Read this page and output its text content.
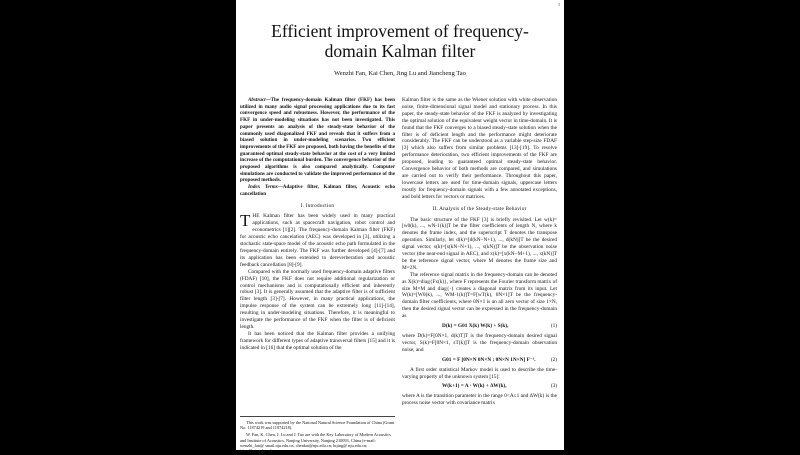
1
Efficient improvement of frequency-domain Kalman filter
Wenzhi Fan, Kai Chen, Jing Lu and Jiancheng Tao

Abstract—The frequency-domain Kalman filter (FKF) has been utilized in many audio signal processing applications due to its fast convergence speed and robustness. However, the performance of the FKF in under-modeling situations has not been investigated. This paper presents an analysis of the steady-state behavior of the commonly used diagonalized FKF and reveals that it suffers from a biased solution in under-modeling scenarios. Two efficient improvements of the FKF are proposed, both having the benefits of the guaranteed optimal steady-state behavior at the cost of a very limited increase of the computational burden. The convergence behavior of the proposed algorithms is also compared analytically. Computer simulations are conducted to validate the improved performance of the proposed methods.

Index Terms—Adaptive filter, Kalman filter, Acoustic echo cancellation

I. Introduction

THE Kalman filter has been widely used in many practical applications, such as spacecraft navigation, robot control and econometrics [1][2]. The frequency-domain Kalman filter (FKF) for acoustic echo cancelation (AEC) was developed in [3], utilizing a stochastic state-space model of the acoustic echo path formulated in the frequency-domain entirely. The FKF was further developed [4]-[7] and its application has been extended to dereverberation and acoustic feedback cancellation [8]-[9].

Compared with the normally used frequency-domain adaptive filters (FDAF) [10], the FKF does not require additional regularization or control mechanisms and is computationally efficient and inherently robust [3]. It is generally assumed that the adaptive filter is of sufficient filter length [3]-[7]. However, in many practical applications, the impulse response of the system can be extremely long [11]-[14], resulting in under-modeling situations. Therefore, it is meaningful to investigate the performance of the FKF when the filter is of deficient length.

It has been noticed that the Kalman filter provides a unifying framework for different types of adaptive transversal filters [15] and it is indicated in [16] that the optimal solution of the

This work was supported by the National Natural Science Foundation of China (Grant No. 11874219 and 11874218).

W. Fan, K. Chen, J. Lu and J. Tao are with the Key Laboratory of Modern Acoustics and Institute of Acoustics, Nanjing University, Nanjing 210093, China (e-mail: wenzhi_fan@ smail.nju.edu.cn; chenkai@nju.edu.cn; lujing@ nju.edu.cn; jctao@nju.edu.cn).

Kalman filter is the same as the Wiener solution with white observation noise, finite-dimensional signal model and stationary process. In this paper, the steady-state behavior of the FKF is analyzed by investigating the optimal solution of the equivalent weight vector in time-domain. It is found that the FKF converges to a biased steady-state solution when the filter is of deficient length and the performance might deteriorate considerably. The FKF can be understood as a variable step-size FDAF [3] which also suffers from similar problems [13]-[19]. To resolve performance deterioration, two efficient improvements of the FKF are proposed, leading to guaranteed optimal steady-state behavior. Convergence behavior of both methods are compared, and simulations are carried out to verify their performance. Throughout this paper, lowercase letters are used for time-domain signals, uppercase letters mostly for frequency-domain signals with a few annotated exceptions, and bold letters for vectors or matrices.

II. Analysis of the Steady-state Behavior

The basic structure of the FKF [3] is briefly revisited. Let w(k)=[w0(k), ..., wN-1(k)]T be the filter coefficients of length N, where k denotes the frame index, and the superscript T denotes the transpose operation. Similarly, let d(k)=[d(kN−N+1), ..., d(kN)]T be the desired signal vector, s(k)=[s(kN−N+1), ..., s(kN)]T be the observation noise vector (the near-end signal in AEC), and x(k)=[x(kN−M+1), ..., x(kN)]T be the reference signal vector, where M denotes the frame size and M=2N.

The reference signal matrix in the frequency-domain can be denoted as X(k)=diag{Fx(k)}, where F represents the Fourier transform matrix of size M×M and diag{·} creates a diagonal matrix from its input. Let W(k)=[W0(k), ..., WM-1(k)]T=F[wT(k), 0N×1]T be the frequency-domain filter coefficients, where 0N×1 is an all zero vector of size 1×N, then the desired signal vector can be expressed in the frequency-domain as

D(k) = G01 X(k) W(k) + S(k),	(1)

where D(k)=F[0N×1, d(k)T]T is the frequency-domain desired signal vector, S(k)=F[0N×1, sT(k)]T is the frequency-domain observation noise, and

G01 = F [0N×N 0N×N ; 0N×N 1N×N] F⁻¹.	(2)

A first order statistical Markov model is used to describe the time-varying property of the unknown system [15]:

W(k+1) = A · W(k) + ΔW(k),	(3)

where A is the transition parameter in the range 0<A≤1 and ΔW(k) is the process noise vector with covariance matrix
